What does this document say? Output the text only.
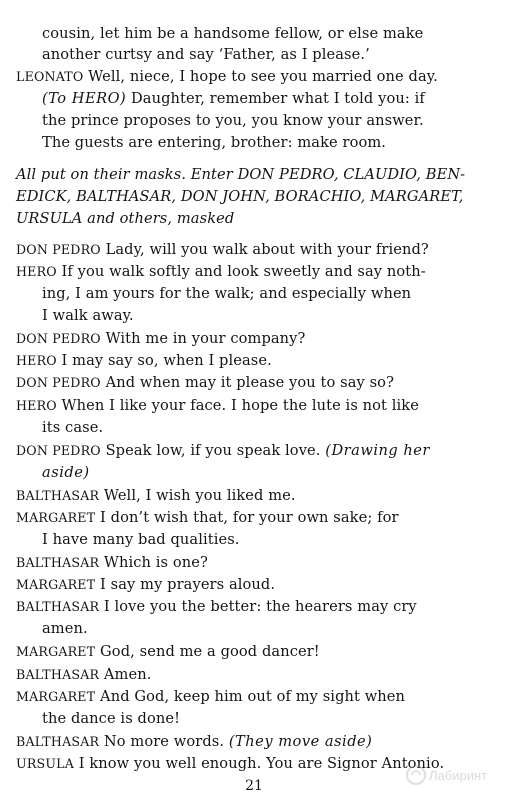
cousin, let him be a handsome fellow, or else make
another curtsy and say ‘Father, as I please.’
LEONATO Well, niece, I hope to see you married one day.
(To HERO) Daughter, remember what I told you: if
the prince proposes to you, you know your answer.
The guests are entering, brother: make room.
All put on their masks. Enter DON PEDRO, CLAUDIO, BEN-
EDICK, BALTHASAR, DON JOHN, BORACHIO, MARGARET,
URSULA and others, masked
DON PEDRO Lady, will you walk about with your friend?
HERO If you walk softly and look sweetly and say noth-
ing, I am yours for the walk; and especially when
I walk away.
DON PEDRO With me in your company?
HERO I may say so, when I please.
DON PEDRO And when may it please you to say so?
HERO When I like your face. I hope the lute is not like
its case.
DON PEDRO Speak low, if you speak love. (Drawing her
aside)
BALTHASAR Well, I wish you liked me.
MARGARET I don’t wish that, for your own sake; for
I have many bad qualities.
BALTHASAR Which is one?
MARGARET I say my prayers aloud.
BALTHASAR I love you the better: the hearers may cry
amen.
MARGARET God, send me a good dancer!
BALTHASAR Amen.
MARGARET And God, keep him out of my sight when
the dance is done!
BALTHASAR No more words. (They move aside)
URSULA I know you well enough. You are Signor Antonio.
21
Лабиринт
